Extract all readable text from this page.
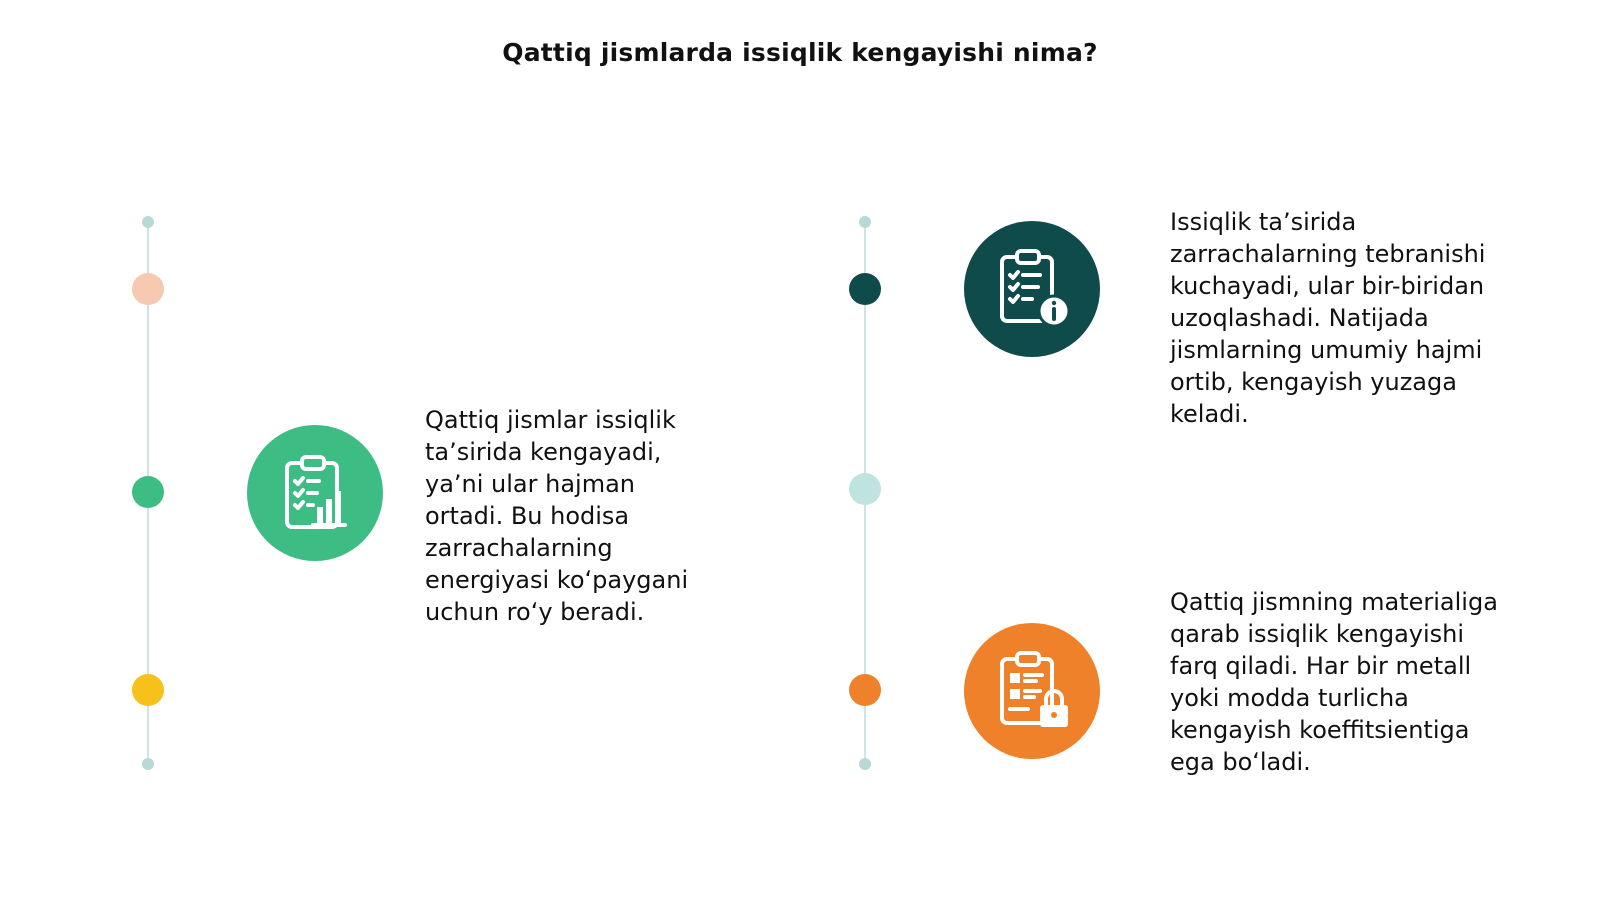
Qattiq jismlarda issiqlik kengayishi nima?
Qattiq jismlar issiqlik
ta’sirida kengayadi,
ya’ni ular hajman
ortadi. Bu hodisa
zarrachalarning
energiyasi koʻpaygani
uchun roʻy beradi.
Issiqlik ta’sirida
zarrachalarning tebranishi
kuchayadi, ular bir-biridan
uzoqlashadi. Natijada
jismlarning umumiy hajmi
ortib, kengayish yuzaga
keladi.
Qattiq jismning materialiga
qarab issiqlik kengayishi
farq qiladi. Har bir metall
yoki modda turlicha
kengayish koeffitsientiga
ega boʻladi.
